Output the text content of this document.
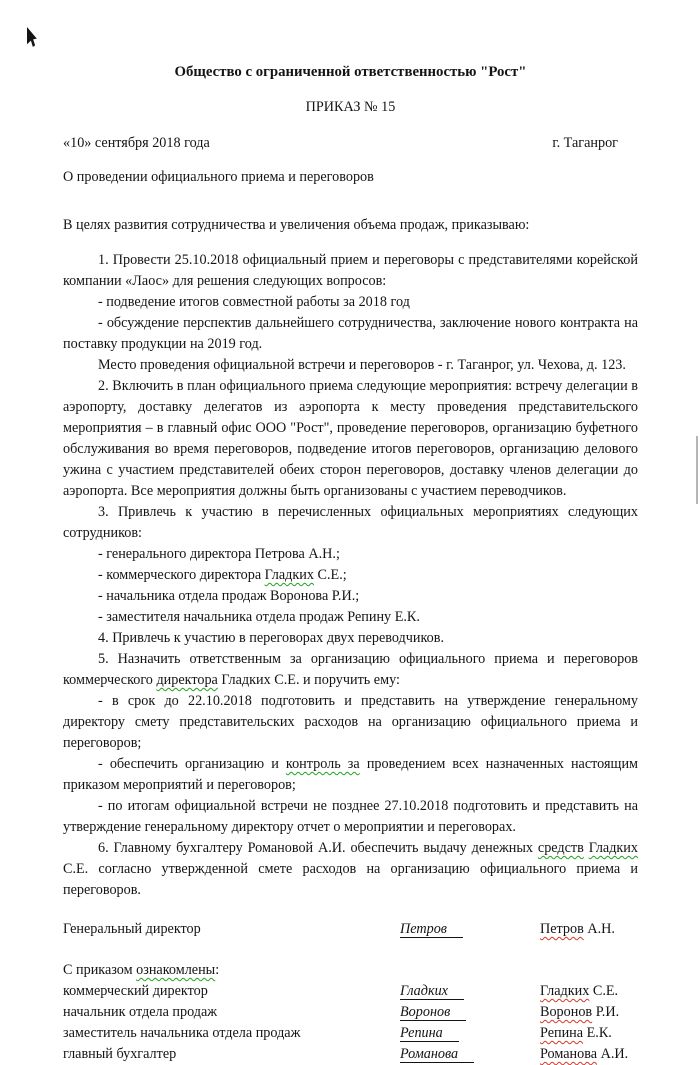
Общество с ограниченной ответственностью "Рост"
ПРИКАЗ № 15
«10» сентября 2018 года	г. Таганрог
О проведении официального приема и переговоров

В целях развития сотрудничества и увеличения объема продаж, приказываю:

1. Провести 25.10.2018 официальный прием и переговоры с представителями корейской компании «Лаос» для решения следующих вопросов:

- подведение итогов совместной работы за 2018 год

- обсуждение перспектив дальнейшего сотрудничества, заключение нового контракта на поставку продукции на 2019 год.

Место проведения официальной встречи и переговоров - г. Таганрог, ул. Чехова, д. 123.

2. Включить в план официального приема следующие мероприятия: встречу делегации в аэропорту, доставку делегатов из аэропорта к месту проведения представительского мероприятия – в главный офис ООО "Рост", проведение переговоров, организацию буфетного обслуживания во время переговоров, подведение итогов переговоров, организацию делового ужина с участием представителей обеих сторон переговоров, доставку членов делегации до аэропорта. Все мероприятия должны быть организованы с участием переводчиков.

3. Привлечь к участию в перечисленных официальных мероприятиях следующих сотрудников:

- генерального директора Петрова А.Н.;

- коммерческого директора Гладких С.Е.;

- начальника отдела продаж Воронова Р.И.;

- заместителя начальника отдела продаж Репину Е.К.

4. Привлечь к участию в переговорах двух переводчиков.

5. Назначить ответственным за организацию официального приема и переговоров коммерческого директора Гладких С.Е. и поручить ему:

- в срок до 22.10.2018 подготовить и представить на утверждение генеральному директору смету представительских расходов на организацию официального приема и переговоров;

- обеспечить организацию и контроль за проведением всех назначенных настоящим приказом мероприятий и переговоров;

- по итогам официальной встречи не позднее 27.10.2018 подготовить и представить на утверждение генеральному директору отчет о мероприятии и переговорах.

6. Главному бухгалтеру Романовой А.И. обеспечить выдачу денежных средств Гладких С.Е. согласно утвержденной смете расходов на организацию официального приема и переговоров.

Генеральный директор	Петров	Петров А.Н.
С приказом ознакомлены:
коммерческий директор	Гладких	Гладких С.Е.
начальник отдела продаж	Воронов	Воронов Р.И.
заместитель начальника отдела продаж	Репина	Репина Е.К.
главный бухгалтер	Романова	Романова А.И.
